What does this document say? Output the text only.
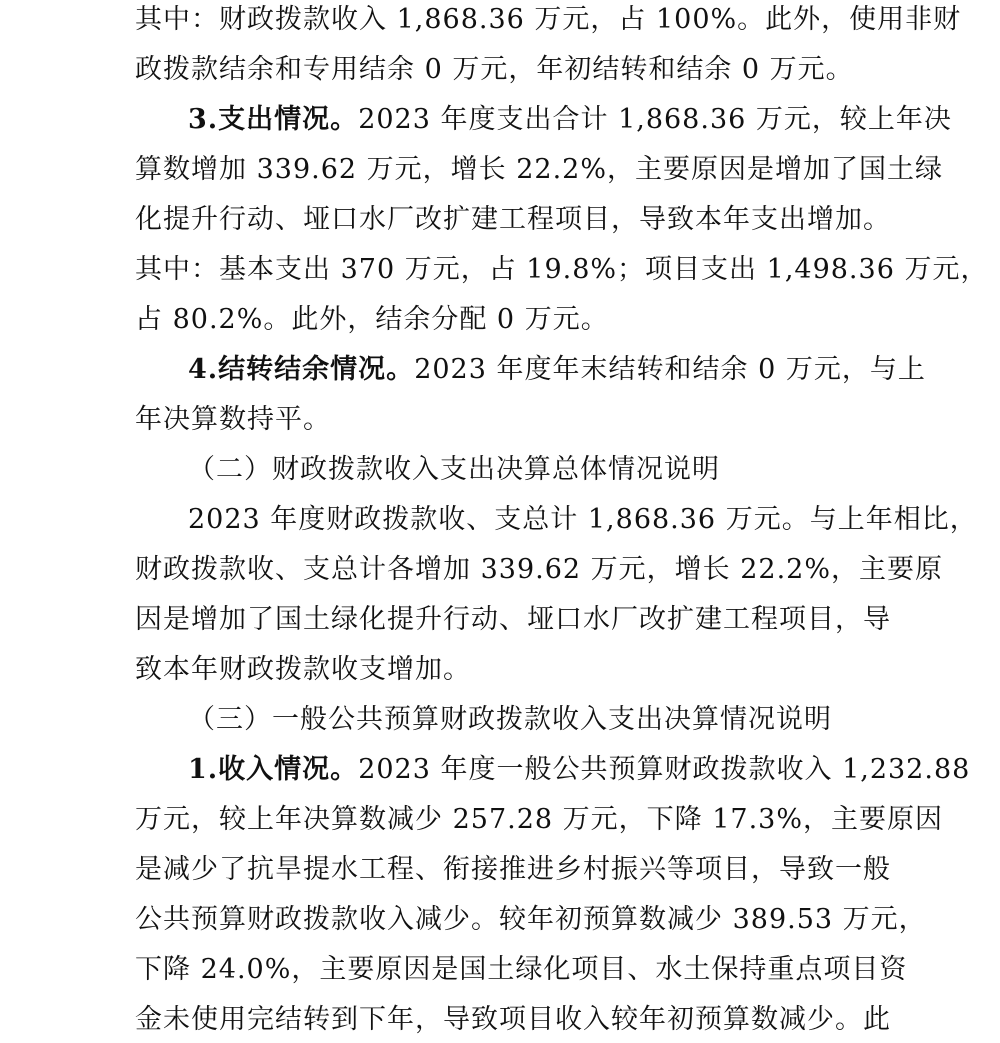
其中：财政拨款收入 1,868.36 万元，占 100%。此外，使用非财
政拨款结余和专用结余 0 万元，年初结转和结余 0 万元。
3.支出情况。2023 年度支出合计 1,868.36 万元，较上年决
算数增加 339.62 万元，增长 22.2%，主要原因是增加了国土绿
化提升行动、垭口水厂改扩建工程项目，导致本年支出增加。
其中：基本支出 370 万元，占 19.8%；项目支出 1,498.36 万元，
占 80.2%。此外，结余分配 0 万元。
4.结转结余情况。2023 年度年末结转和结余 0 万元，与上
年决算数持平。
（二）财政拨款收入支出决算总体情况说明
2023 年度财政拨款收、支总计 1,868.36 万元。与上年相比，
财政拨款收、支总计各增加 339.62 万元，增长 22.2%，主要原
因是增加了国土绿化提升行动、垭口水厂改扩建工程项目，导
致本年财政拨款收支增加。
（三）一般公共预算财政拨款收入支出决算情况说明
1.收入情况。2023 年度一般公共预算财政拨款收入 1,232.88
万元，较上年决算数减少 257.28 万元，下降 17.3%，主要原因
是减少了抗旱提水工程、衔接推进乡村振兴等项目，导致一般
公共预算财政拨款收入减少。较年初预算数减少 389.53 万元，
下降 24.0%，主要原因是国土绿化项目、水土保持重点项目资
金未使用完结转到下年，导致项目收入较年初预算数减少。此
